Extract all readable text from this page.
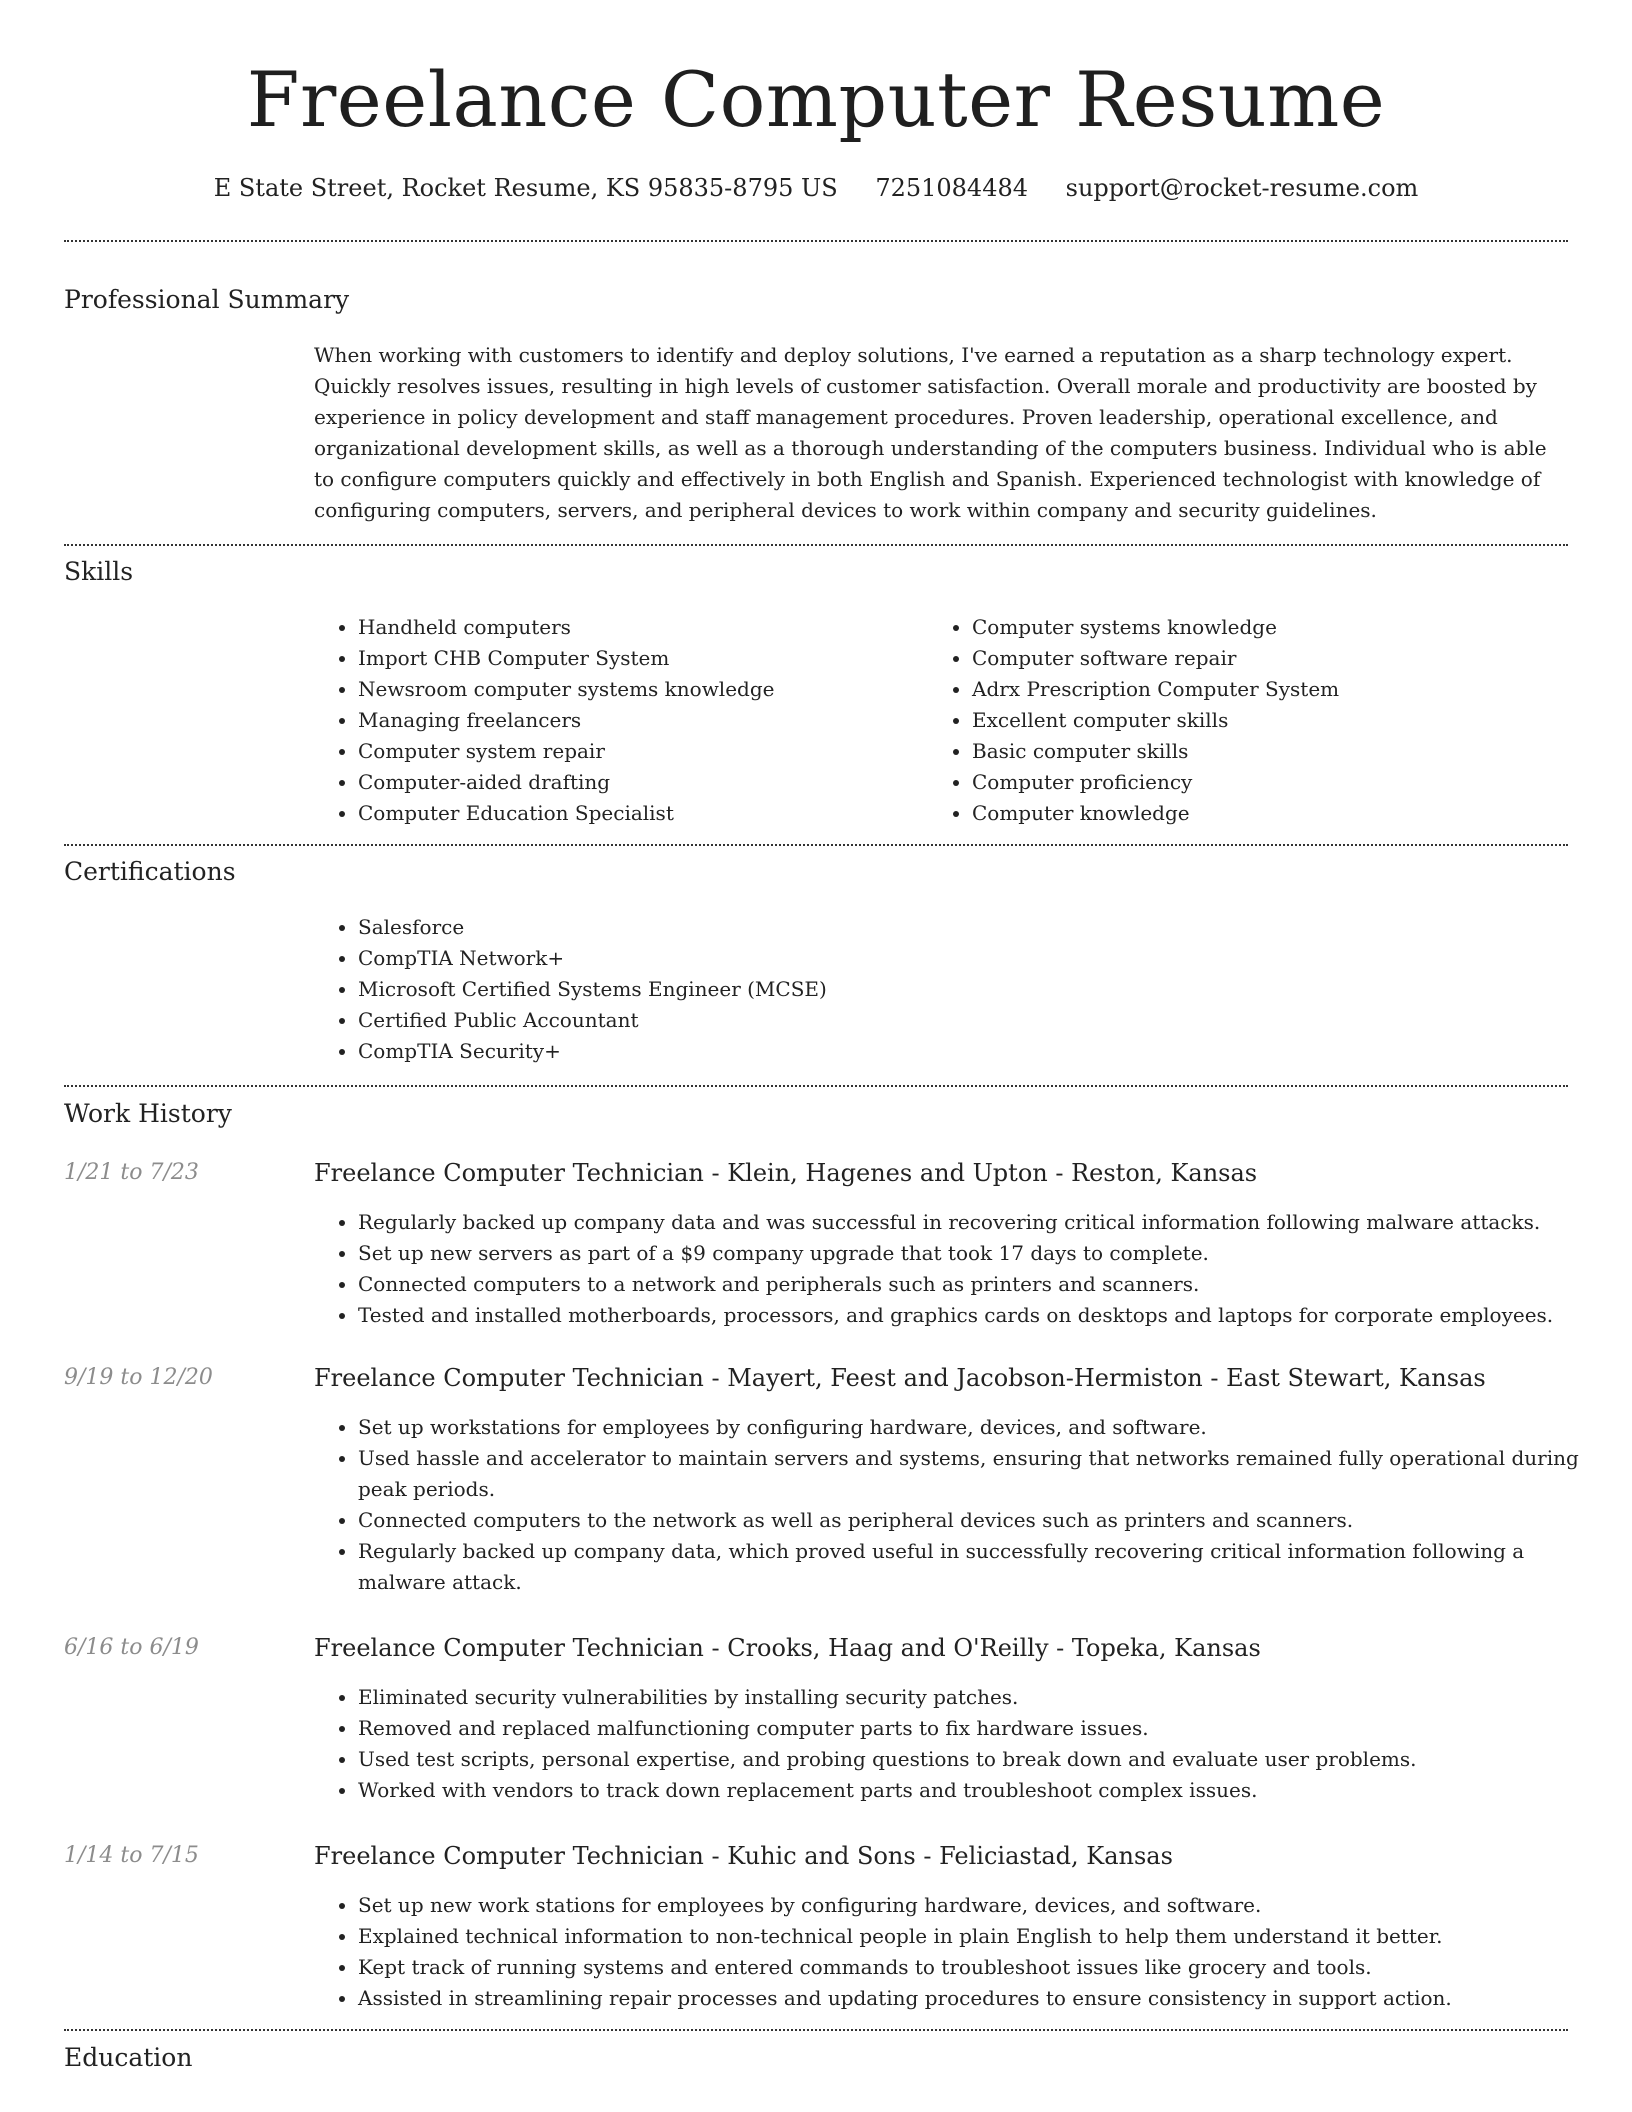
Freelance Computer Resume
E State Street, Rocket Resume, KS 95835-8795 US 7251084484 support@rocket-resume.com
Professional Summary

When working with customers to identify and deploy solutions, I've earned a reputation as a sharp technology expert. Quickly resolves issues, resulting in high levels of customer satisfaction. Overall morale and productivity are boosted by experience in policy development and staff management procedures. Proven leadership, operational excellence, and organizational development skills, as well as a thorough understanding of the computers business. Individual who is able to configure computers quickly and effectively in both English and Spanish. Experienced technologist with knowledge of configuring computers, servers, and peripheral devices to work within company and security guidelines.

Skills
• Handheld computers
• Import CHB Computer System
• Newsroom computer systems knowledge
• Managing freelancers
• Computer system repair
• Computer-aided drafting
• Computer Education Specialist
• Computer systems knowledge
• Computer software repair
• Adrx Prescription Computer System
• Excellent computer skills
• Basic computer skills
• Computer proficiency
• Computer knowledge
Certifications
• Salesforce
• CompTIA Network+
• Microsoft Certified Systems Engineer (MCSE)
• Certified Public Accountant
• CompTIA Security+
Work History
1/21 to 7/23	Freelance Computer Technician - Klein, Hagenes and Upton - Reston, Kansas
• Regularly backed up company data and was successful in recovering critical information following malware attacks.
• Set up new servers as part of a $9 company upgrade that took 17 days to complete.
• Connected computers to a network and peripherals such as printers and scanners.
• Tested and installed motherboards, processors, and graphics cards on desktops and laptops for corporate employees.
9/19 to 12/20	Freelance Computer Technician - Mayert, Feest and Jacobson-Hermiston - East Stewart, Kansas
• Set up workstations for employees by configuring hardware, devices, and software.
• Used hassle and accelerator to maintain servers and systems, ensuring that networks remained fully operational during peak periods.
• Connected computers to the network as well as peripheral devices such as printers and scanners.
• Regularly backed up company data, which proved useful in successfully recovering critical information following a malware attack.
6/16 to 6/19	Freelance Computer Technician - Crooks, Haag and O'Reilly - Topeka, Kansas
• Eliminated security vulnerabilities by installing security patches.
• Removed and replaced malfunctioning computer parts to fix hardware issues.
• Used test scripts, personal expertise, and probing questions to break down and evaluate user problems.
• Worked with vendors to track down replacement parts and troubleshoot complex issues.
1/14 to 7/15	Freelance Computer Technician - Kuhic and Sons - Feliciastad, Kansas
• Set up new work stations for employees by configuring hardware, devices, and software.
• Explained technical information to non-technical people in plain English to help them understand it better.
• Kept track of running systems and entered commands to troubleshoot issues like grocery and tools.
• Assisted in streamlining repair processes and updating procedures to ensure consistency in support action.
Education
